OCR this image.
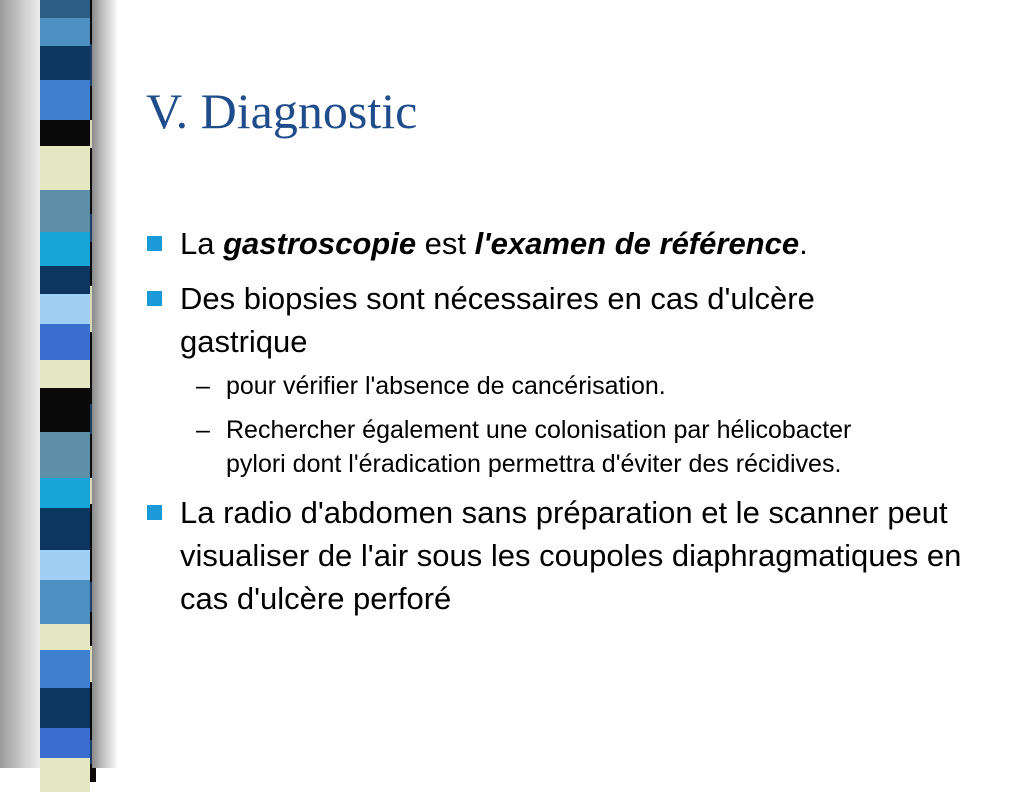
V. Diagnostic
La gastroscopie est l'examen de référence.
Des biopsies sont nécessaires en cas d'ulcère gastrique
– pour vérifier l'absence de cancérisation.
– Rechercher également une colonisation par hélicobacter pylori dont l'éradication permettra d'éviter des récidives.
La radio d'abdomen sans préparation et le scanner peut visualiser de l'air sous les coupoles diaphragmatiques en cas d'ulcère perforé
